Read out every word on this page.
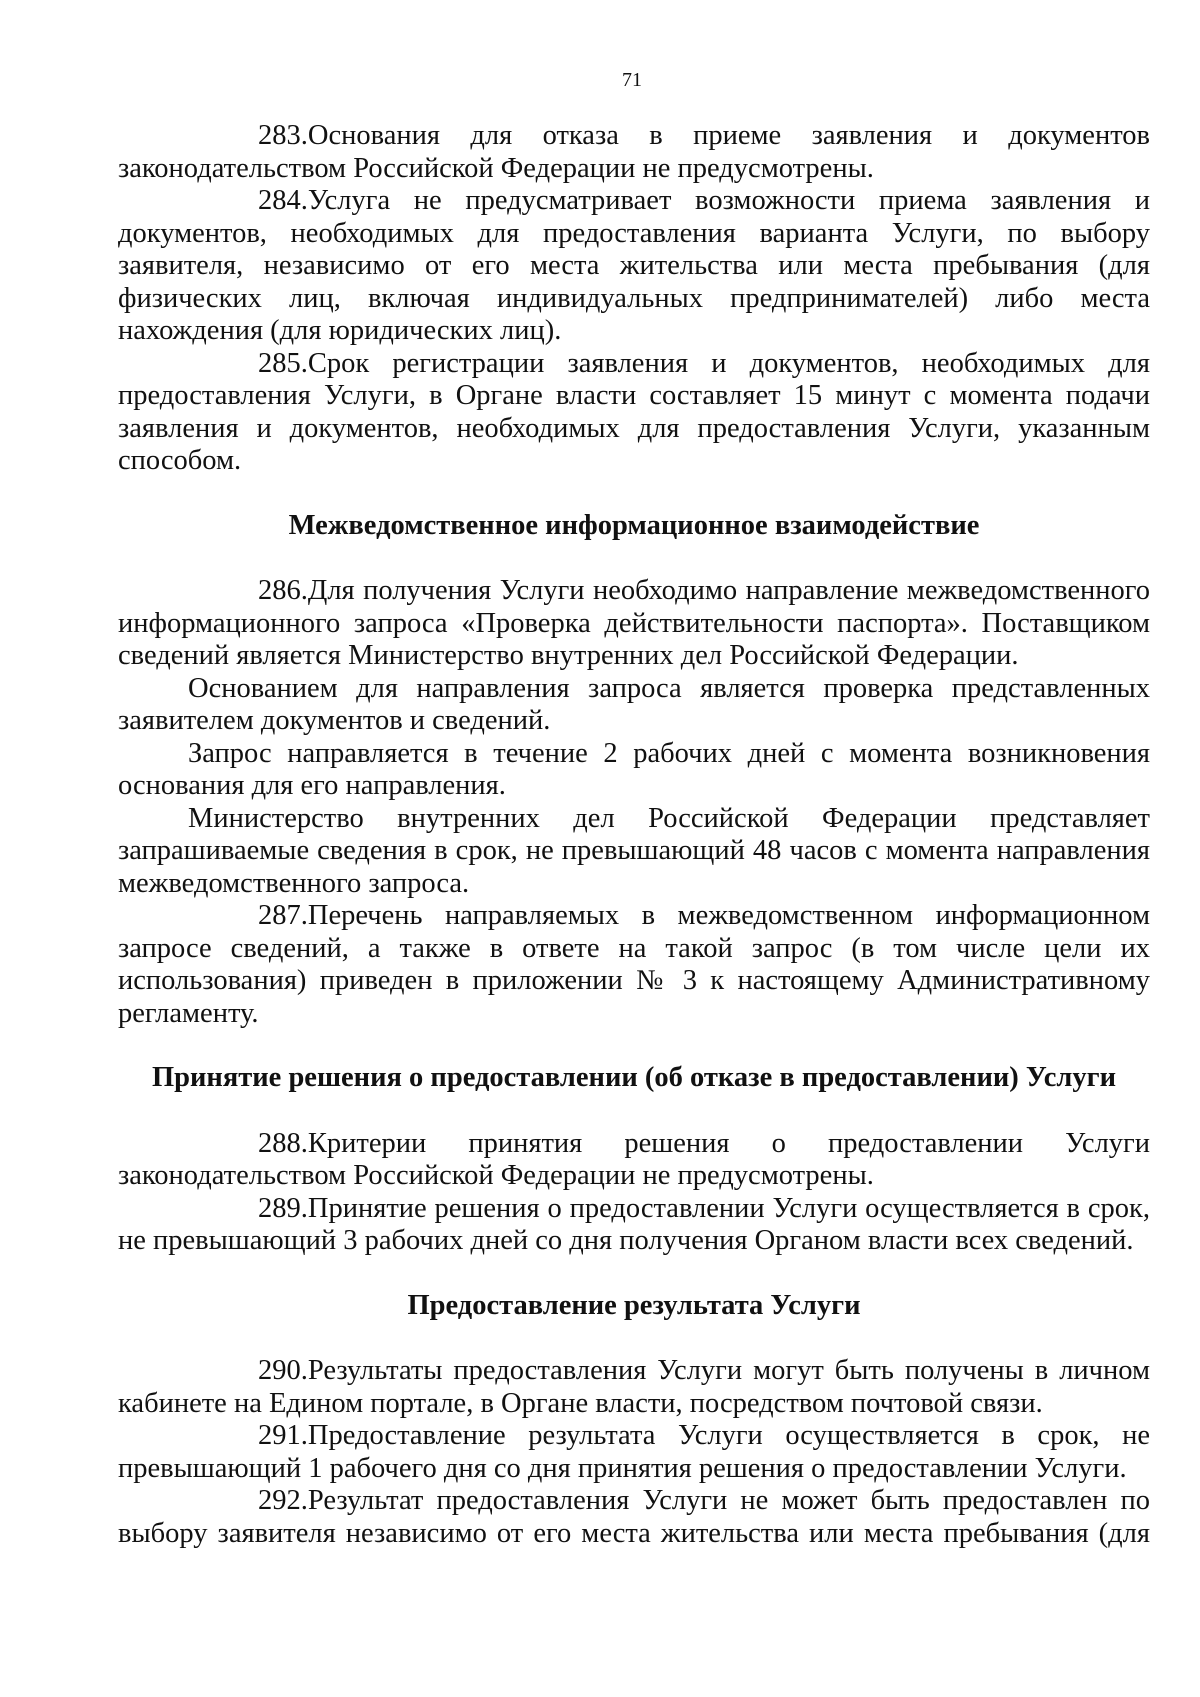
71

283.Основания для отказа в приеме заявления и документов законодательством Российской Федерации не предусмотрены.

284.Услуга не предусматривает возможности приема заявления и документов, необходимых для предоставления варианта Услуги, по выбору заявителя, независимо от его места жительства или места пребывания (для физических лиц, включая индивидуальных предпринимателей) либо места нахождения (для юридических лиц).

285.Срок регистрации заявления и документов, необходимых для предоставления Услуги, в Органе власти составляет 15 минут с момента подачи заявления и документов, необходимых для предоставления Услуги, указанным способом.

Межведомственное информационное взаимодействие

286.Для получения Услуги необходимо направление межведомственного информационного запроса «Проверка действительности паспорта». Поставщиком сведений является Министерство внутренних дел Российской Федерации.

Основанием для направления запроса является проверка представленных заявителем документов и сведений.

Запрос направляется в течение 2 рабочих дней с момента возникновения основания для его направления.

Министерство внутренних дел Российской Федерации представляет запрашиваемые сведения в срок, не превышающий 48 часов с момента направления межведомственного запроса.

287.Перечень направляемых в межведомственном информационном запросе сведений, а также в ответе на такой запрос (в том числе цели их использования) приведен в приложении № 3 к настоящему Административному регламенту.

Принятие решения о предоставлении (об отказе в предоставлении) Услуги

288.Критерии принятия решения о предоставлении Услуги законодательством Российской Федерации не предусмотрены.

289.Принятие решения о предоставлении Услуги осуществляется в срок, не превышающий 3 рабочих дней со дня получения Органом власти всех сведений.

Предоставление результата Услуги

290.Результаты предоставления Услуги могут быть получены в личном кабинете на Едином портале, в Органе власти, посредством почтовой связи.

291.Предоставление результата Услуги осуществляется в срок, не превышающий 1 рабочего дня со дня принятия решения о предоставлении Услуги.

292.Результат предоставления Услуги не может быть предоставлен по выбору заявителя независимо от его места жительства или места пребывания (для
